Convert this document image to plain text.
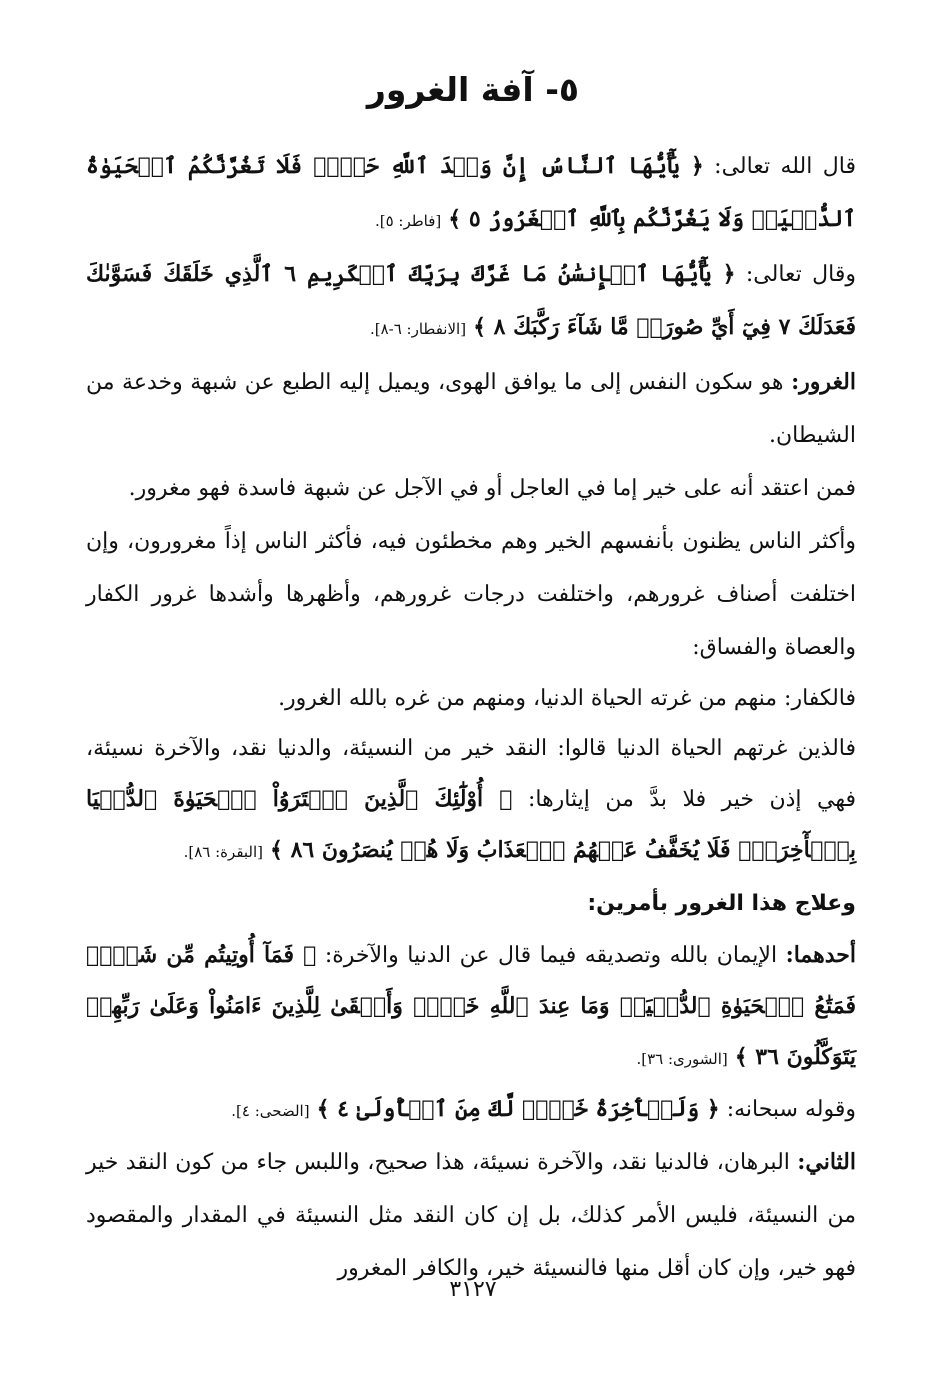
٥- آفة الغرور

قال الله تعالى: ﴿ يَٰٓأَيُّهَا ٱلنَّاسُ إِنَّ وَعۡدَ ٱللَّهِ حَقّٞۖ فَلَا تَغُرَّنَّكُمُ ٱلۡحَيَوٰةُ ٱلدُّنۡيَاۖ وَلَا يَغُرَّنَّكُم بِٱللَّهِ ٱلۡغَرُورُ ٥ ﴾ [فاطر: ٥].

وقال تعالى: ﴿ يَٰٓأَيُّهَا ٱلۡإِنسَٰنُ مَا غَرَّكَ بِرَبِّكَ ٱلۡكَرِيمِ ٦ ٱلَّذِي خَلَقَكَ فَسَوَّىٰكَ فَعَدَلَكَ ٧ فِيٓ أَيِّ صُورَةٖ مَّا شَآءَ رَكَّبَكَ ٨ ﴾ [الانفطار: ٦-٨].

الغرور: هو سكون النفس إلى ما يوافق الهوى، ويميل إليه الطبع عن شبهة وخدعة من الشيطان.

فمن اعتقد أنه على خير إما في العاجل أو في الآجل عن شبهة فاسدة فهو مغرور.

وأكثر الناس يظنون بأنفسهم الخير وهم مخطئون فيه، فأكثر الناس إذاً مغرورون، وإن اختلفت أصناف غرورهم، واختلفت درجات غرورهم، وأظهرها وأشدها غرور الكفار والعصاة والفساق:

فالكفار: منهم من غرته الحياة الدنيا، ومنهم من غره بالله الغرور.

فالذين غرتهم الحياة الدنيا قالوا: النقد خير من النسيئة، والدنيا نقد، والآخرة نسيئة، فهي إذن خير فلا بدَّ من إيثارها: ﴿ أُوْلَٰٓئِكَ ٱلَّذِينَ ٱشۡتَرَوُاْ ٱلۡحَيَوٰةَ ٱلدُّنۡيَا بِٱلۡأٓخِرَةِۖ فَلَا يُخَفَّفُ عَنۡهُمُ ٱلۡعَذَابُ وَلَا هُمۡ يُنصَرُونَ ٨٦ ﴾ [البقرة: ٨٦].

وعلاج هذا الغرور بأمرين:

أحدهما: الإيمان بالله وتصديقه فيما قال عن الدنيا والآخرة: ﴿ فَمَآ أُوتِيتُم مِّن شَيۡءٖ فَمَتَٰعُ ٱلۡحَيَوٰةِ ٱلدُّنۡيَاۖ وَمَا عِندَ ٱللَّهِ خَيۡرٞ وَأَبۡقَىٰ لِلَّذِينَ ءَامَنُواْ وَعَلَىٰ رَبِّهِمۡ يَتَوَكَّلُونَ ٣٦ ﴾ [الشورى: ٣٦].

وقوله سبحانه: ﴿ وَلَلۡأٓخِرَةُ خَيۡرٞ لَّكَ مِنَ ٱلۡأُولَىٰ ٤ ﴾ [الضحى: ٤].

الثاني: البرهان، فالدنيا نقد، والآخرة نسيئة، هذا صحيح، واللبس جاء من كون النقد خير من النسيئة، فليس الأمر كذلك، بل إن كان النقد مثل النسيئة في المقدار والمقصود فهو خير، وإن كان أقل منها فالنسيئة خير، والكافر المغرور

٣١٢٧
